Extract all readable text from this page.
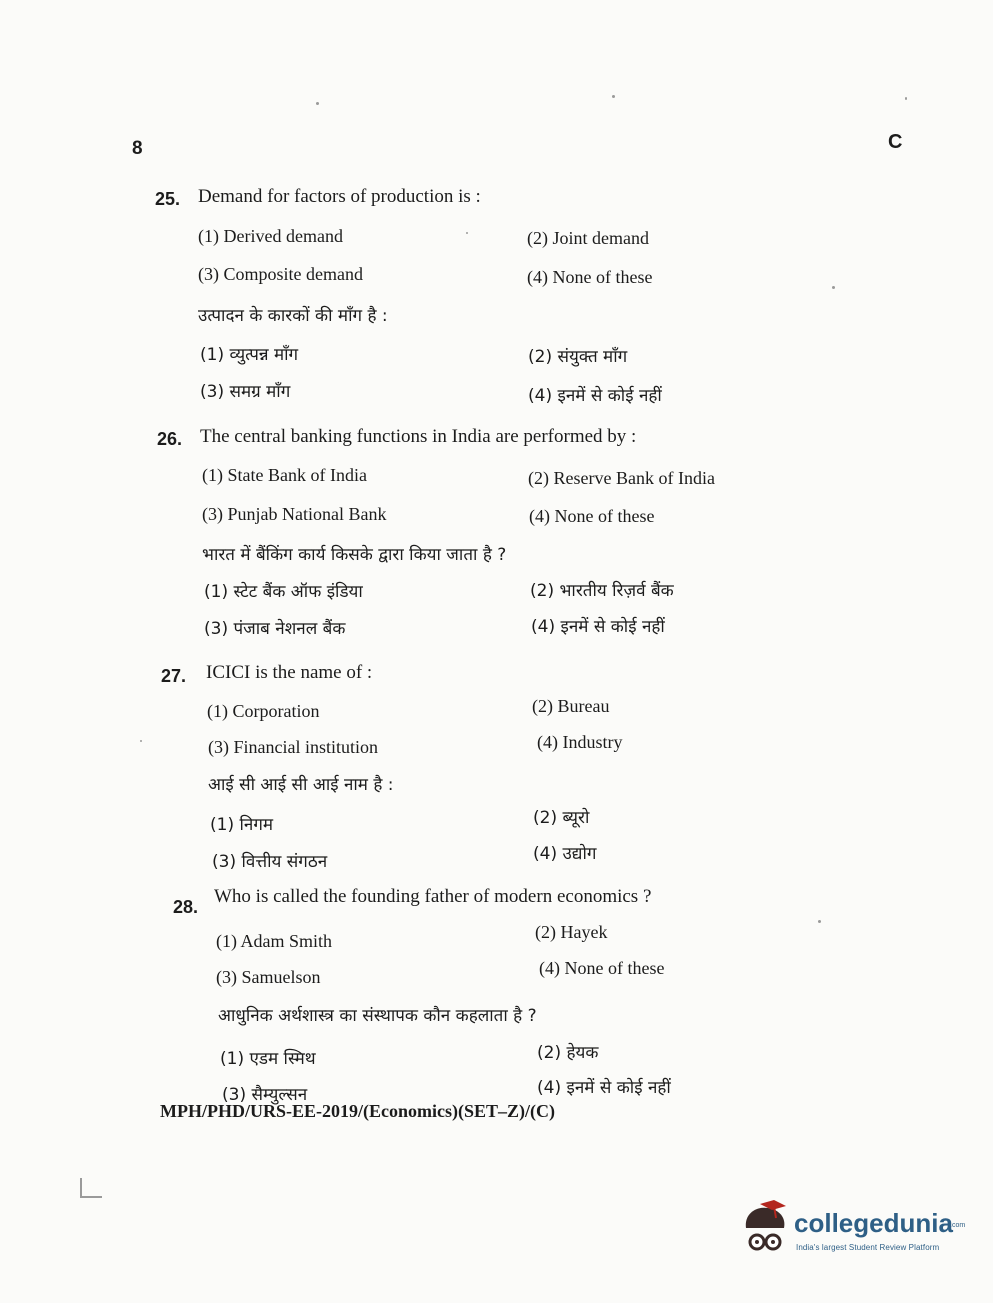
8	C
25. Demand for factors of production is :
(1) Derived demand	(2) Joint demand
(3) Composite demand	(4) None of these
उत्पादन के कारकों की माँग है :
(1) व्युत्पन्न माँग	(2) संयुक्त माँग
(3) समग्र माँग	(4) इनमें से कोई नहीं
26. The central banking functions in India are performed by :
(1) State Bank of India	(2) Reserve Bank of India
(3) Punjab National Bank	(4) None of these
भारत में बैंकिंग कार्य किसके द्वारा किया जाता है ?
(1) स्टेट बैंक ऑफ इंडिया	(2) भारतीय रिज़र्व बैंक
(3) पंजाब नेशनल बैंक	(4) इनमें से कोई नहीं
27. ICICI is the name of :
(1) Corporation	(2) Bureau
(3) Financial institution	(4) Industry
आई सी आई सी आई नाम है :
(1) निगम	(2) ब्यूरो
(3) वित्तीय संगठन	(4) उद्योग
28. Who is called the founding father of modern economics ?
(1) Adam Smith	(2) Hayek
(3) Samuelson	(4) None of these
आधुनिक अर्थशास्त्र का संस्थापक कौन कहलाता है ?
(1) एडम स्मिथ	(2) हेयक
(3) सैम्युल्सन	(4) इनमें से कोई नहीं
MPH/PHD/URS-EE-2019/(Economics)(SET–Z)/(C)
collegedunia
.com
India's largest Student Review Platform
